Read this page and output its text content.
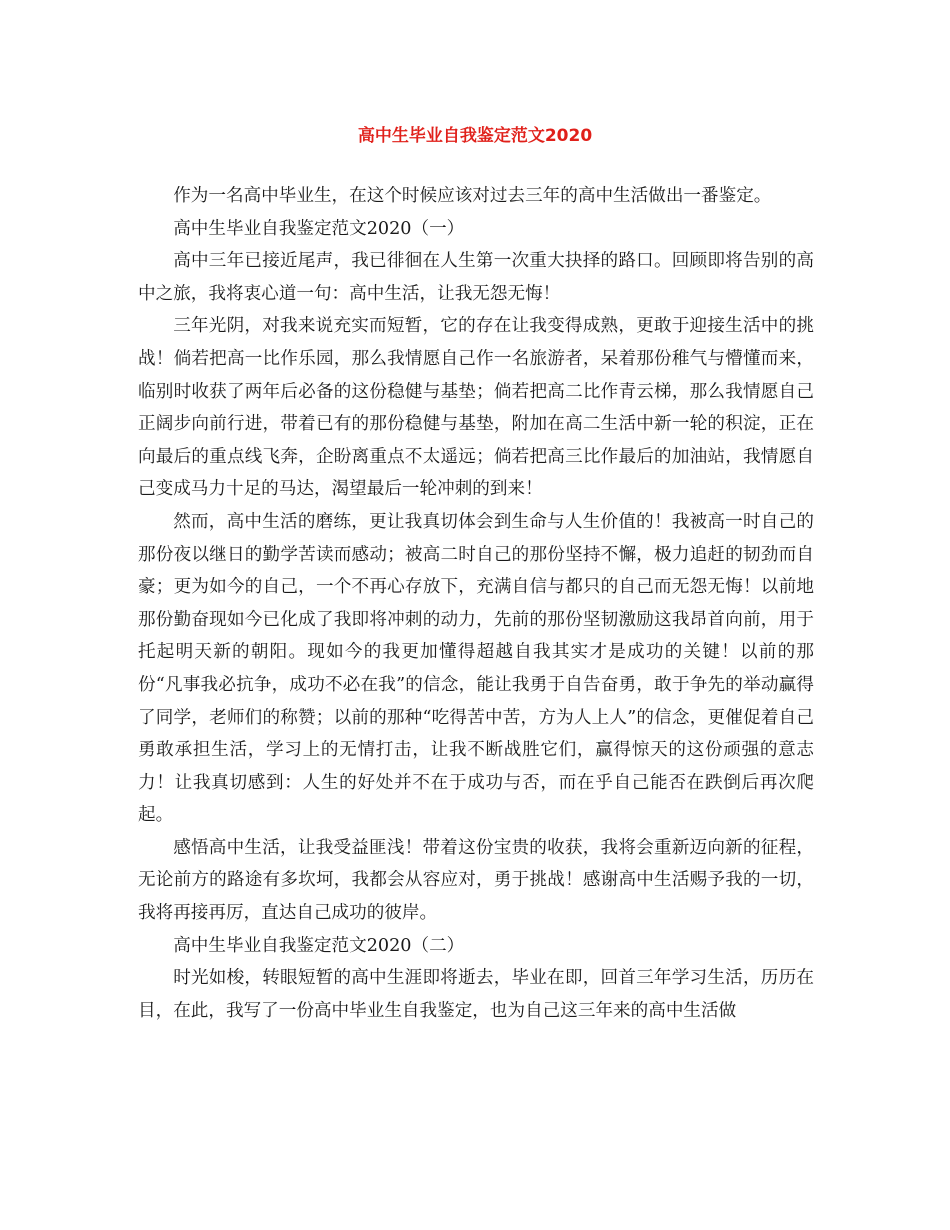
高中生毕业自我鉴定范文2020

作为一名高中毕业生，在这个时候应该对过去三年的高中生活做出一番鉴定。

高中生毕业自我鉴定范文2020（一）

高中三年已接近尾声，我已徘徊在人生第一次重大抉择的路口。回顾即将告别的高中之旅，我将衷心道一句：高中生活，让我无怨无悔！

三年光阴，对我来说充实而短暂，它的存在让我变得成熟，更敢于迎接生活中的挑战！倘若把高一比作乐园，那么我情愿自己作一名旅游者，呆着那份稚气与懵懂而来，临别时收获了两年后必备的这份稳健与基垫；倘若把高二比作青云梯，那么我情愿自己正阔步向前行进，带着已有的那份稳健与基垫，附加在高二生活中新一轮的积淀，正在向最后的重点线飞奔，企盼离重点不太遥远；倘若把高三比作最后的加油站，我情愿自己变成马力十足的马达，渴望最后一轮冲刺的到来！

然而，高中生活的磨练，更让我真切体会到生命与人生价值的！我被高一时自己的那份夜以继日的勤学苦读而感动；被高二时自己的那份坚持不懈，极力追赶的韧劲而自豪；更为如今的自己，一个不再心存放下，充满自信与都只的自己而无怨无悔！以前地那份勤奋现如今已化成了我即将冲刺的动力，先前的那份坚韧激励这我昂首向前，用于托起明天新的朝阳。现如今的我更加懂得超越自我其实才是成功的关键！以前的那份“凡事我必抗争，成功不必在我”的信念，能让我勇于自告奋勇，敢于争先的举动赢得了同学，老师们的称赞；以前的那种“吃得苦中苦，方为人上人”的信念，更催促着自己勇敢承担生活，学习上的无情打击，让我不断战胜它们，赢得惊天的这份顽强的意志力！让我真切感到：人生的好处并不在于成功与否，而在乎自己能否在跌倒后再次爬起。

感悟高中生活，让我受益匪浅！带着这份宝贵的收获，我将会重新迈向新的征程，无论前方的路途有多坎坷，我都会从容应对，勇于挑战！感谢高中生活赐予我的一切，我将再接再厉，直达自己成功的彼岸。

高中生毕业自我鉴定范文2020（二）

时光如梭，转眼短暂的高中生涯即将逝去，毕业在即，回首三年学习生活，历历在目，在此，我写了一份高中毕业生自我鉴定，也为自己这三年来的高中生活做
